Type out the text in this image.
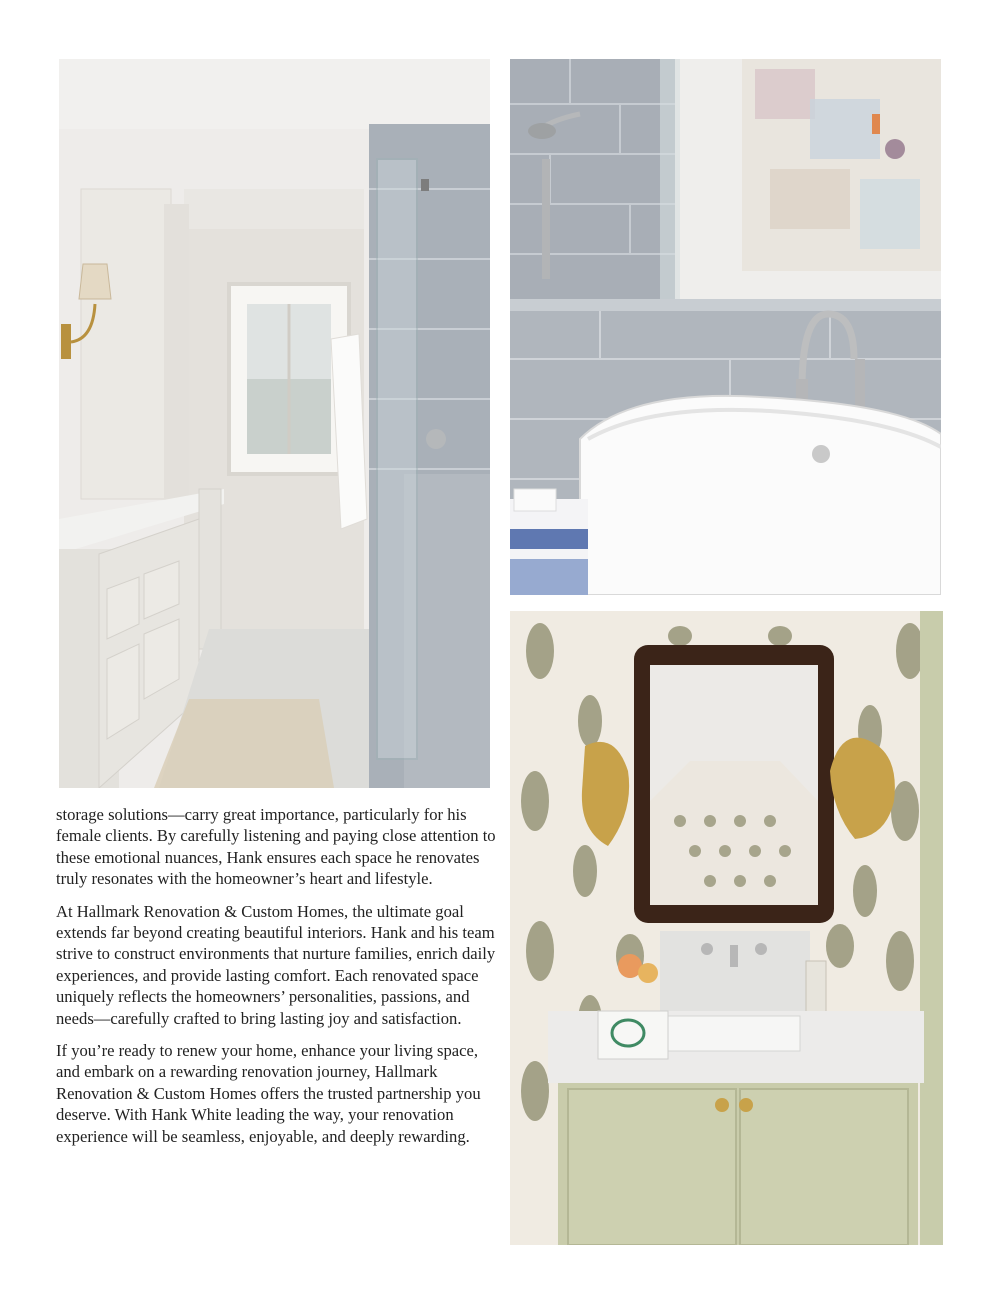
storage solutions—carry great importance, particularly for his female clients. By carefully listening and paying close attention to these emotional nuances, Hank ensures each space he renovates truly resonates with the homeowner’s heart and lifestyle.

At Hallmark Renovation & Custom Homes, the ultimate goal extends far beyond creating beautiful interiors. Hank and his team strive to construct environments that nurture families, enrich daily experiences, and provide lasting comfort. Each renovated space uniquely reflects the homeowners’ personalities, passions, and needs—carefully crafted to bring lasting joy and satisfaction.

If you’re ready to renew your home, enhance your living space, and embark on a rewarding renovation journey, Hallmark Renovation & Custom Homes offers the trusted partnership you deserve. With Hank White leading the way, your renovation experience will be seamless, enjoyable, and deeply rewarding.
